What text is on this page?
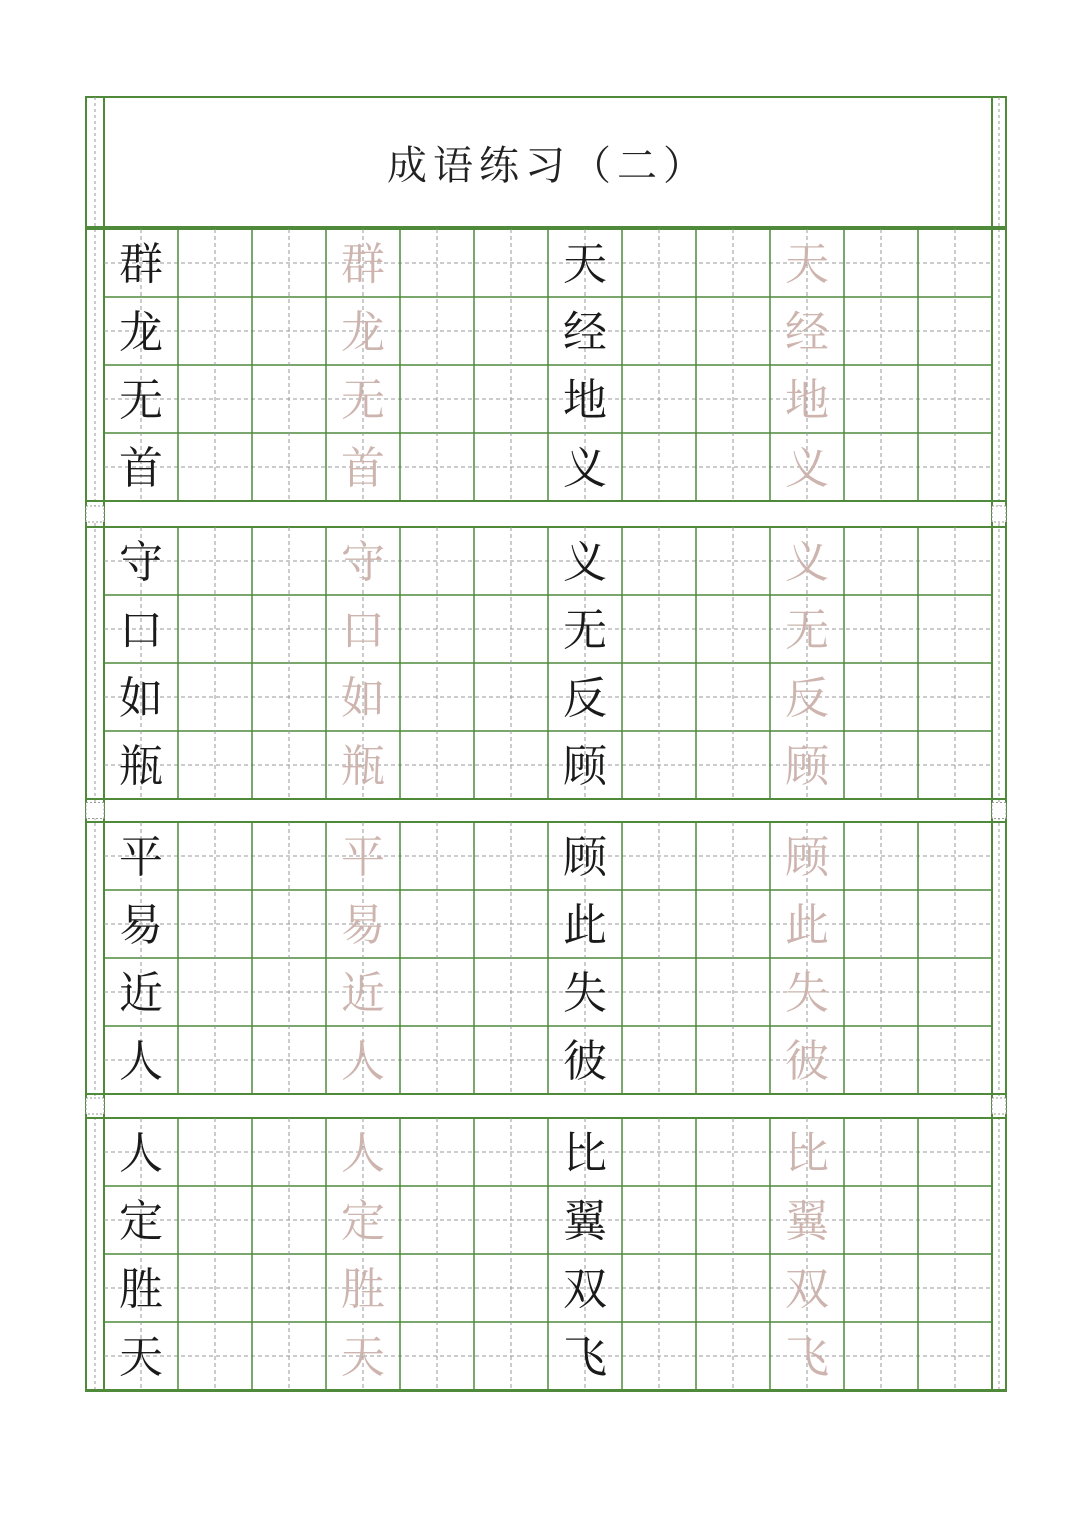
群	群
龙	龙
无	无
首	首
天	天
经	经
地	地
义	义
守	守
口	口
如	如
瓶	瓶
义	义
无	无
反	反
顾	顾
平	平
易	易
近	近
人	人
顾	顾
此	此
失	失
彼	彼
人	人
定	定
胜	胜
天	天
比	比
翼	翼
双	双
飞	飞
成语练习（二）
